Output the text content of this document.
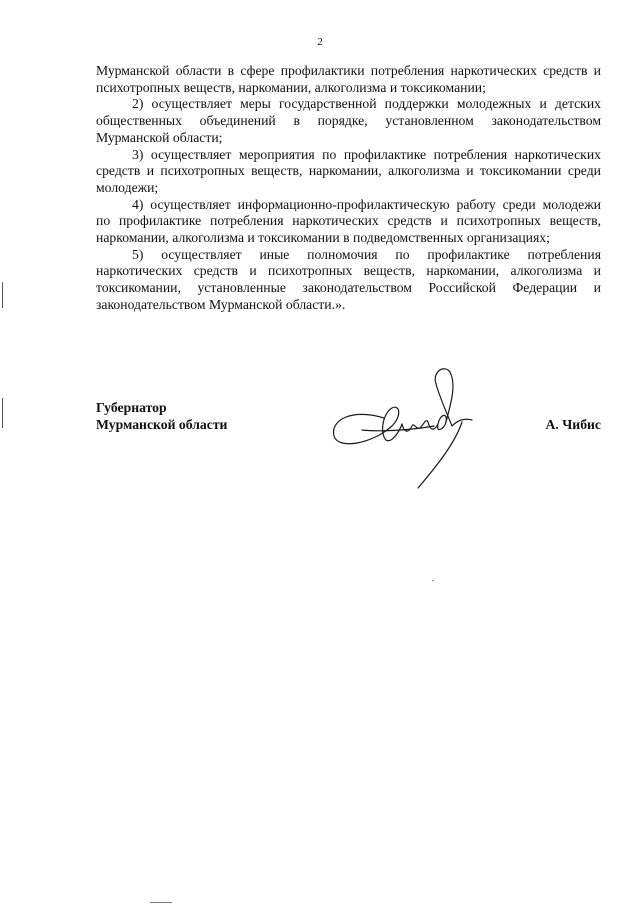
2

Мурманской области в сфере профилактики потребления наркотических средств и психотропных веществ, наркомании, алкоголизма и токсикомании;

2) осуществляет меры государственной поддержки молодежных и детских общественных объединений в порядке, установленном законодательством Мурманской области;

3) осуществляет мероприятия по профилактике потребления наркотических средств и психотропных веществ, наркомании, алкоголизма и токсикомании среди молодежи;

4) осуществляет информационно-профилактическую работу среди молодежи по профилактике потребления наркотических средств и психотропных веществ, наркомании, алкоголизма и токсикомании в подведомственных организациях;

5) осуществляет иные полномочия по профилактике потребления наркотических средств и психотропных веществ, наркомании, алкоголизма и токсикомании, установленные законодательством Российской Федерации и законодательством Мурманской области.».

Губернатор
Мурманской области	А. Чибис
